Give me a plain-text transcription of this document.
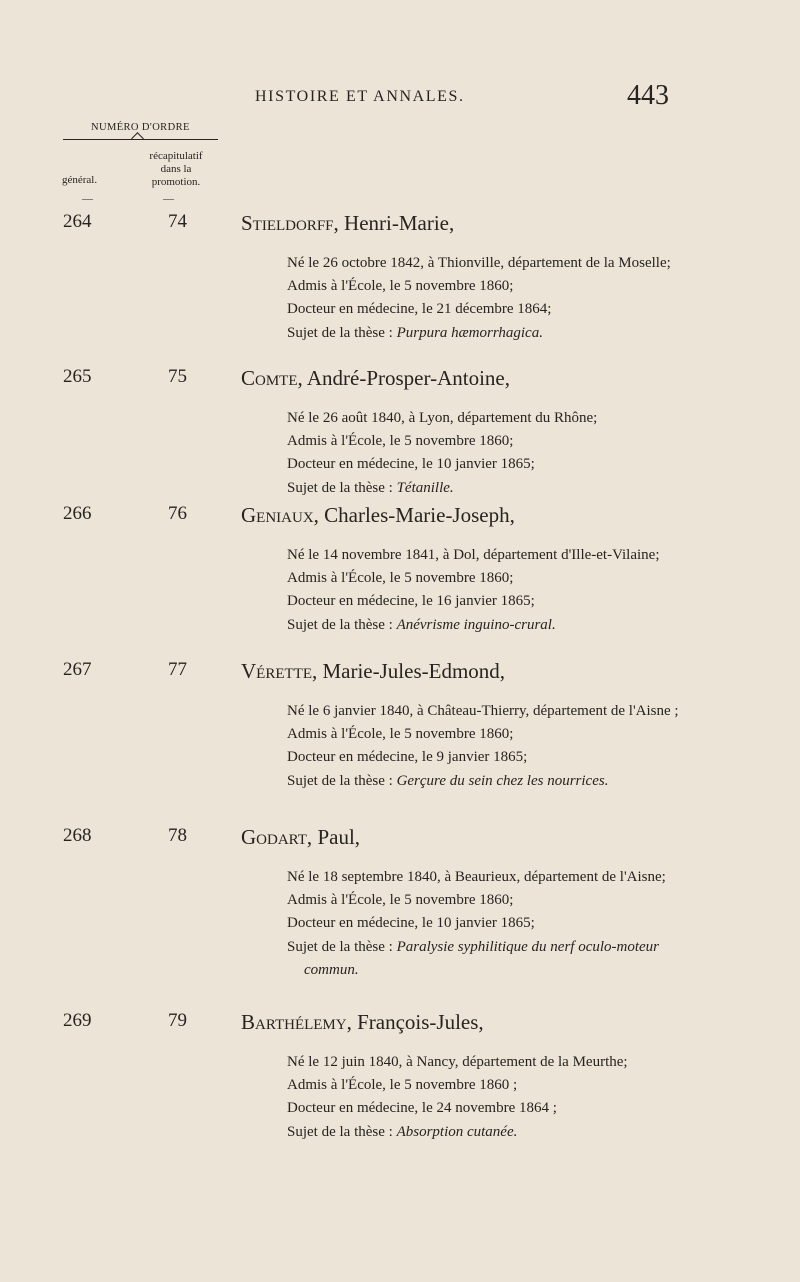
HISTOIRE ET ANNALES.	443
NUMÉRO D'ORDRE
général.
récapitulatif
dans la
promotion.
—	—
264	74	Stieldorff, Henri-Marie,
Né le 26 octobre 1842, à Thionville, département de la Moselle;
Admis à l'École, le 5 novembre 1860;
Docteur en médecine, le 21 décembre 1864;
Sujet de la thèse : Purpura hæmorrhagica.
265	75	Comte, André-Prosper-Antoine,
Né le 26 août 1840, à Lyon, département du Rhône;
Admis à l'École, le 5 novembre 1860;
Docteur en médecine, le 10 janvier 1865;
Sujet de la thèse : Tétanille.
266	76	Geniaux, Charles-Marie-Joseph,
Né le 14 novembre 1841, à Dol, département d'Ille-et-Vilaine;
Admis à l'École, le 5 novembre 1860;
Docteur en médecine, le 16 janvier 1865;
Sujet de la thèse : Anévrisme inguino-crural.
267	77	Vérette, Marie-Jules-Edmond,
Né le 6 janvier 1840, à Château-Thierry, département de l'Aisne ;
Admis à l'École, le 5 novembre 1860;
Docteur en médecine, le 9 janvier 1865;
Sujet de la thèse : Gerçure du sein chez les nourrices.
268	78	Godart, Paul,
Né le 18 septembre 1840, à Beaurieux, département de l'Aisne;
Admis à l'École, le 5 novembre 1860;
Docteur en médecine, le 10 janvier 1865;
Sujet de la thèse : Paralysie syphilitique du nerf oculo-moteur commun.
269	79	Barthélemy, François-Jules,
Né le 12 juin 1840, à Nancy, département de la Meurthe;
Admis à l'École, le 5 novembre 1860 ;
Docteur en médecine, le 24 novembre 1864 ;
Sujet de la thèse : Absorption cutanée.
